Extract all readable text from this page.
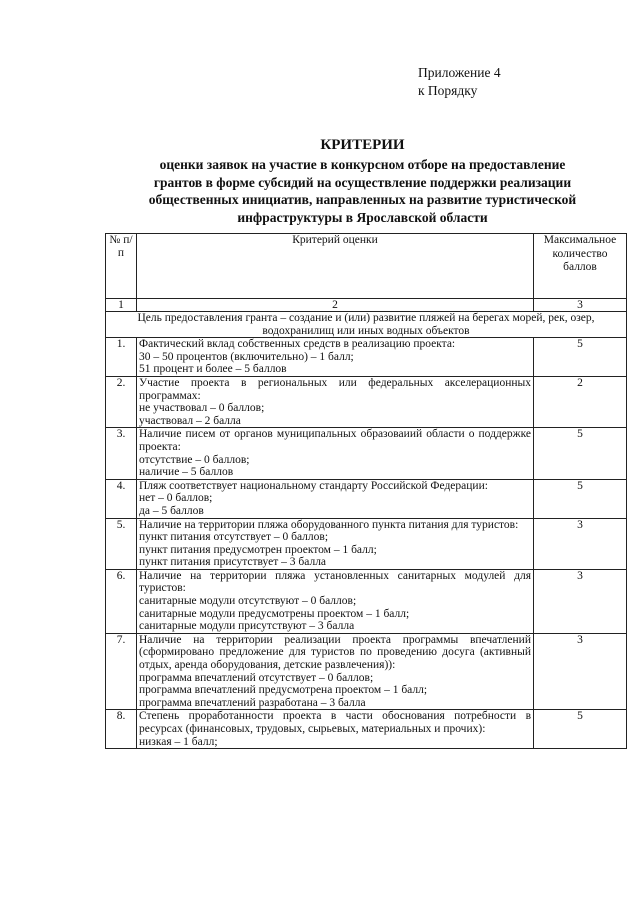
Приложение 4
к Порядку
КРИТЕРИИ
оценки заявок на участие в конкурсном отборе на предоставление
грантов в форме субсидий на осуществление поддержки реализации
общественных инициатив, направленных на развитие туристической
инфраструктуры в Ярославской области
№ п/п	Критерий оценки	Максимальное количество баллов
1	2	3
Цель предоставления гранта – создание и (или) развитие пляжей на берегах морей, рек, озер, водохранилищ или иных водных объектов		
1.	Фактический вклад собственных средств в реализацию проекта:
30 – 50 процентов (включительно) – 1 балл;
51 процент и более – 5 баллов	5
2.	Участие проекта в региональных или федеральных акселерационных программах:
не участвовал – 0 баллов;
участвовал – 2 балла	2
3.	Наличие писем от органов муниципальных образоваиий области о поддержке проекта:
отсутствие – 0 баллов;
наличие – 5 баллов	5
4.	Пляж соответствует национальному стандарту Российской Федерации:
нет – 0 баллов;
да – 5 баллов	5
5.	Наличие на территории пляжа оборудованного пункта питания для туристов:
пункт питания отсутствует – 0 баллов;
пункт питания предусмотрен проектом – 1 балл;
пункт питания присутствует – 3 балла	3
6.	Наличие на территории пляжа установленных санитарных модулей для туристов:
санитарные модули отсутствуют – 0 баллов;
санитарные модули предусмотрены проектом – 1 балл;
санитарные модули присутствуют – 3 балла	3
7.	Наличие на территории реализации проекта программы впечатлений (сформировано предложение для туристов по проведению досуга (активный отдых, аренда оборудования, детские развлечения)):
программа впечатлений отсутствует – 0 баллов;
программа впечатлений предусмотрена проектом – 1 балл;
программа впечатлений разработана – 3 балла	3
8.	Степень проработанности проекта в части обоснования потребности в ресурсах (финансовых, трудовых, сырьевых, материальных и прочих):
низкая – 1 балл;	5
